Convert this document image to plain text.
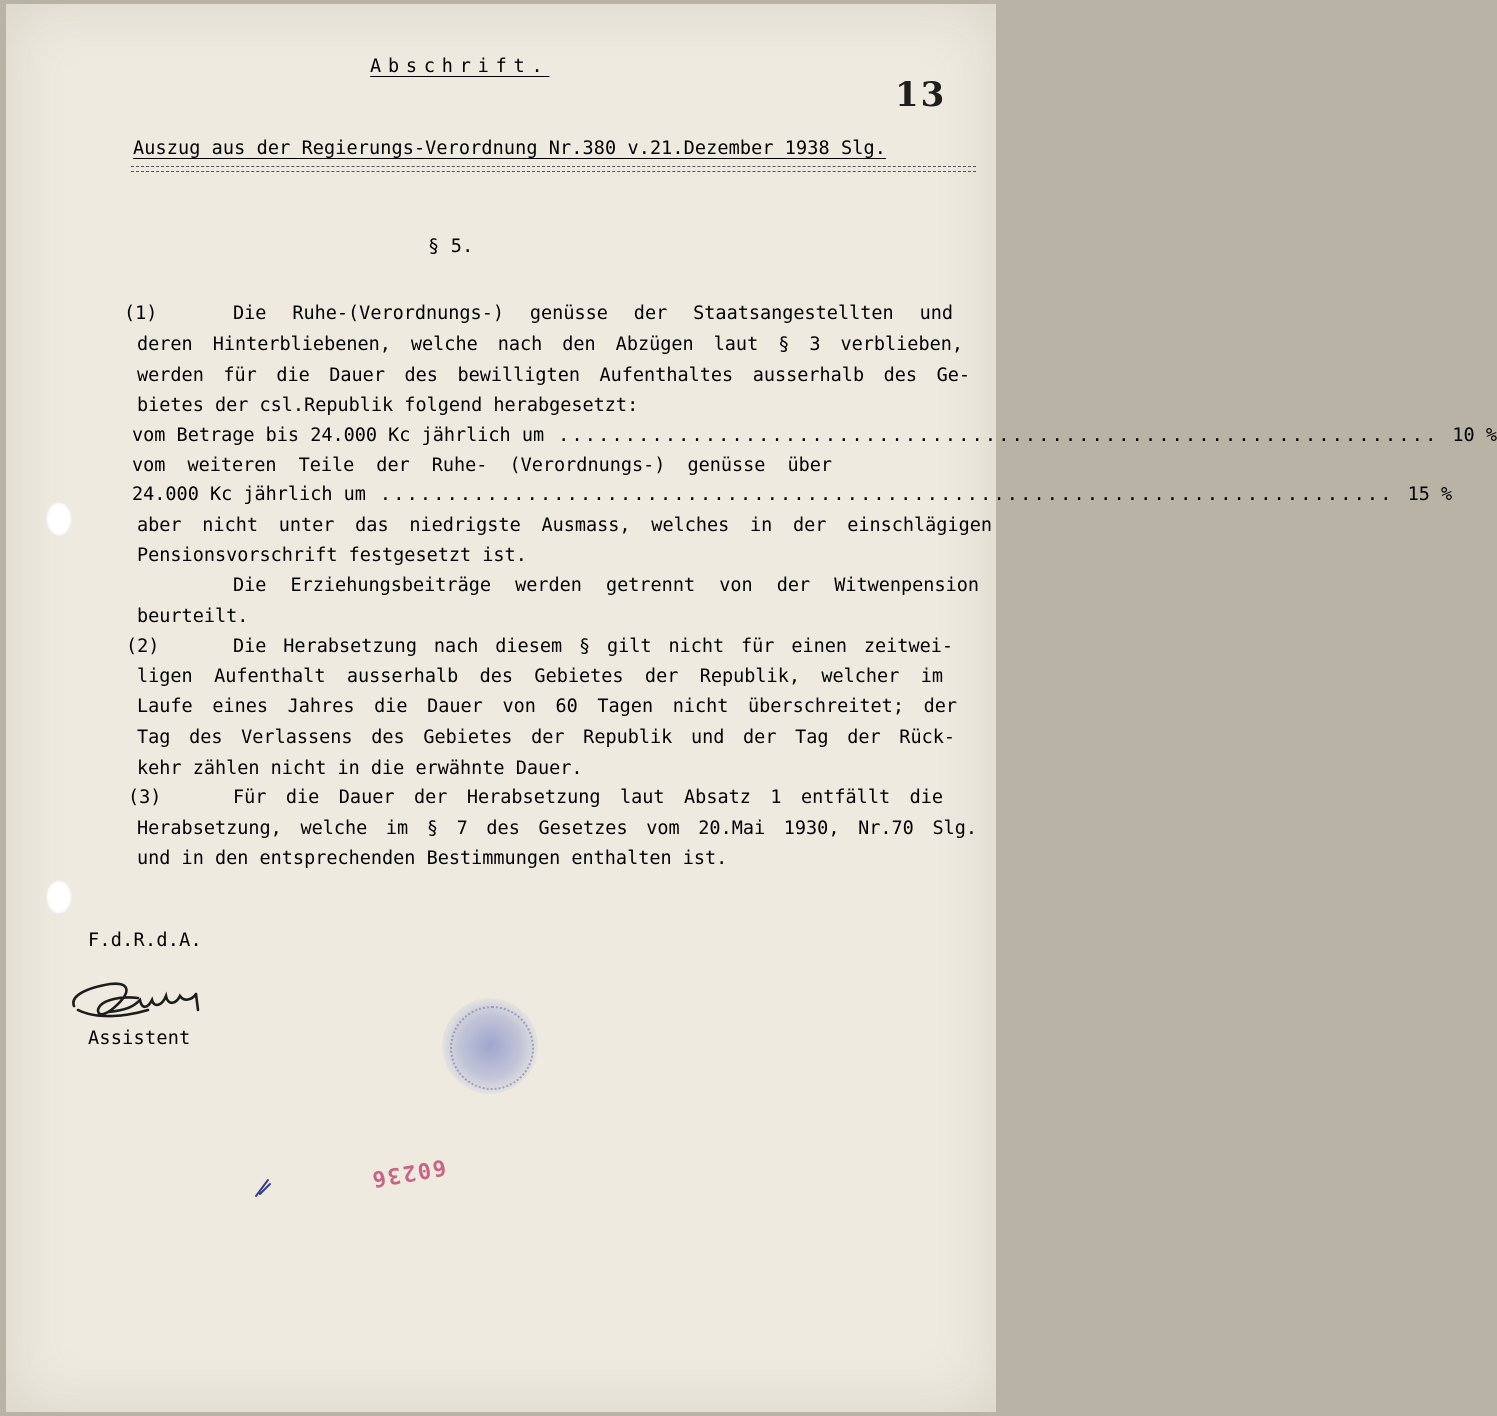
Abschrift.
13
Auszug aus der Regierungs-Verordnung Nr.380 v.21.Dezember 1938 Slg.
§ 5.
(1)	Die Ruhe-(Verordnungs-) genüsse der Staatsangestellten und
deren Hinterbliebenen, welche nach den Abzügen laut § 3 verblieben,
werden für die Dauer des bewilligten Aufenthaltes ausserhalb des Ge-
bietes der csl.Republik folgend herabgesetzt:
vom Betrage bis 24.000 Kc jährlich um .................................................................. 10 %
vom weiteren Teile der Ruhe- (Verordnungs-) genüsse über
24.000 Kc jährlich um ............................................................................ 15 %
aber nicht unter das niedrigste Ausmass, welches in der einschlägigen
Pensionsvorschrift festgesetzt ist.
Die Erziehungsbeiträge werden getrennt von der Witwenpension
beurteilt.
(2)	Die Herabsetzung nach diesem § gilt nicht für einen zeitwei-
ligen Aufenthalt ausserhalb des Gebietes der Republik, welcher im
Laufe eines Jahres die Dauer von 60 Tagen nicht überschreitet; der
Tag des Verlassens des Gebietes der Republik und der Tag der Rück-
kehr zählen nicht in die erwähnte Dauer.
(3)	Für die Dauer der Herabsetzung laut Absatz 1 entfällt die
Herabsetzung, welche im § 7 des Gesetzes vom 20.Mai 1930, Nr.70 Slg.
und in den entsprechenden Bestimmungen enthalten ist.
F.d.R.d.A.
Assistent
60236
